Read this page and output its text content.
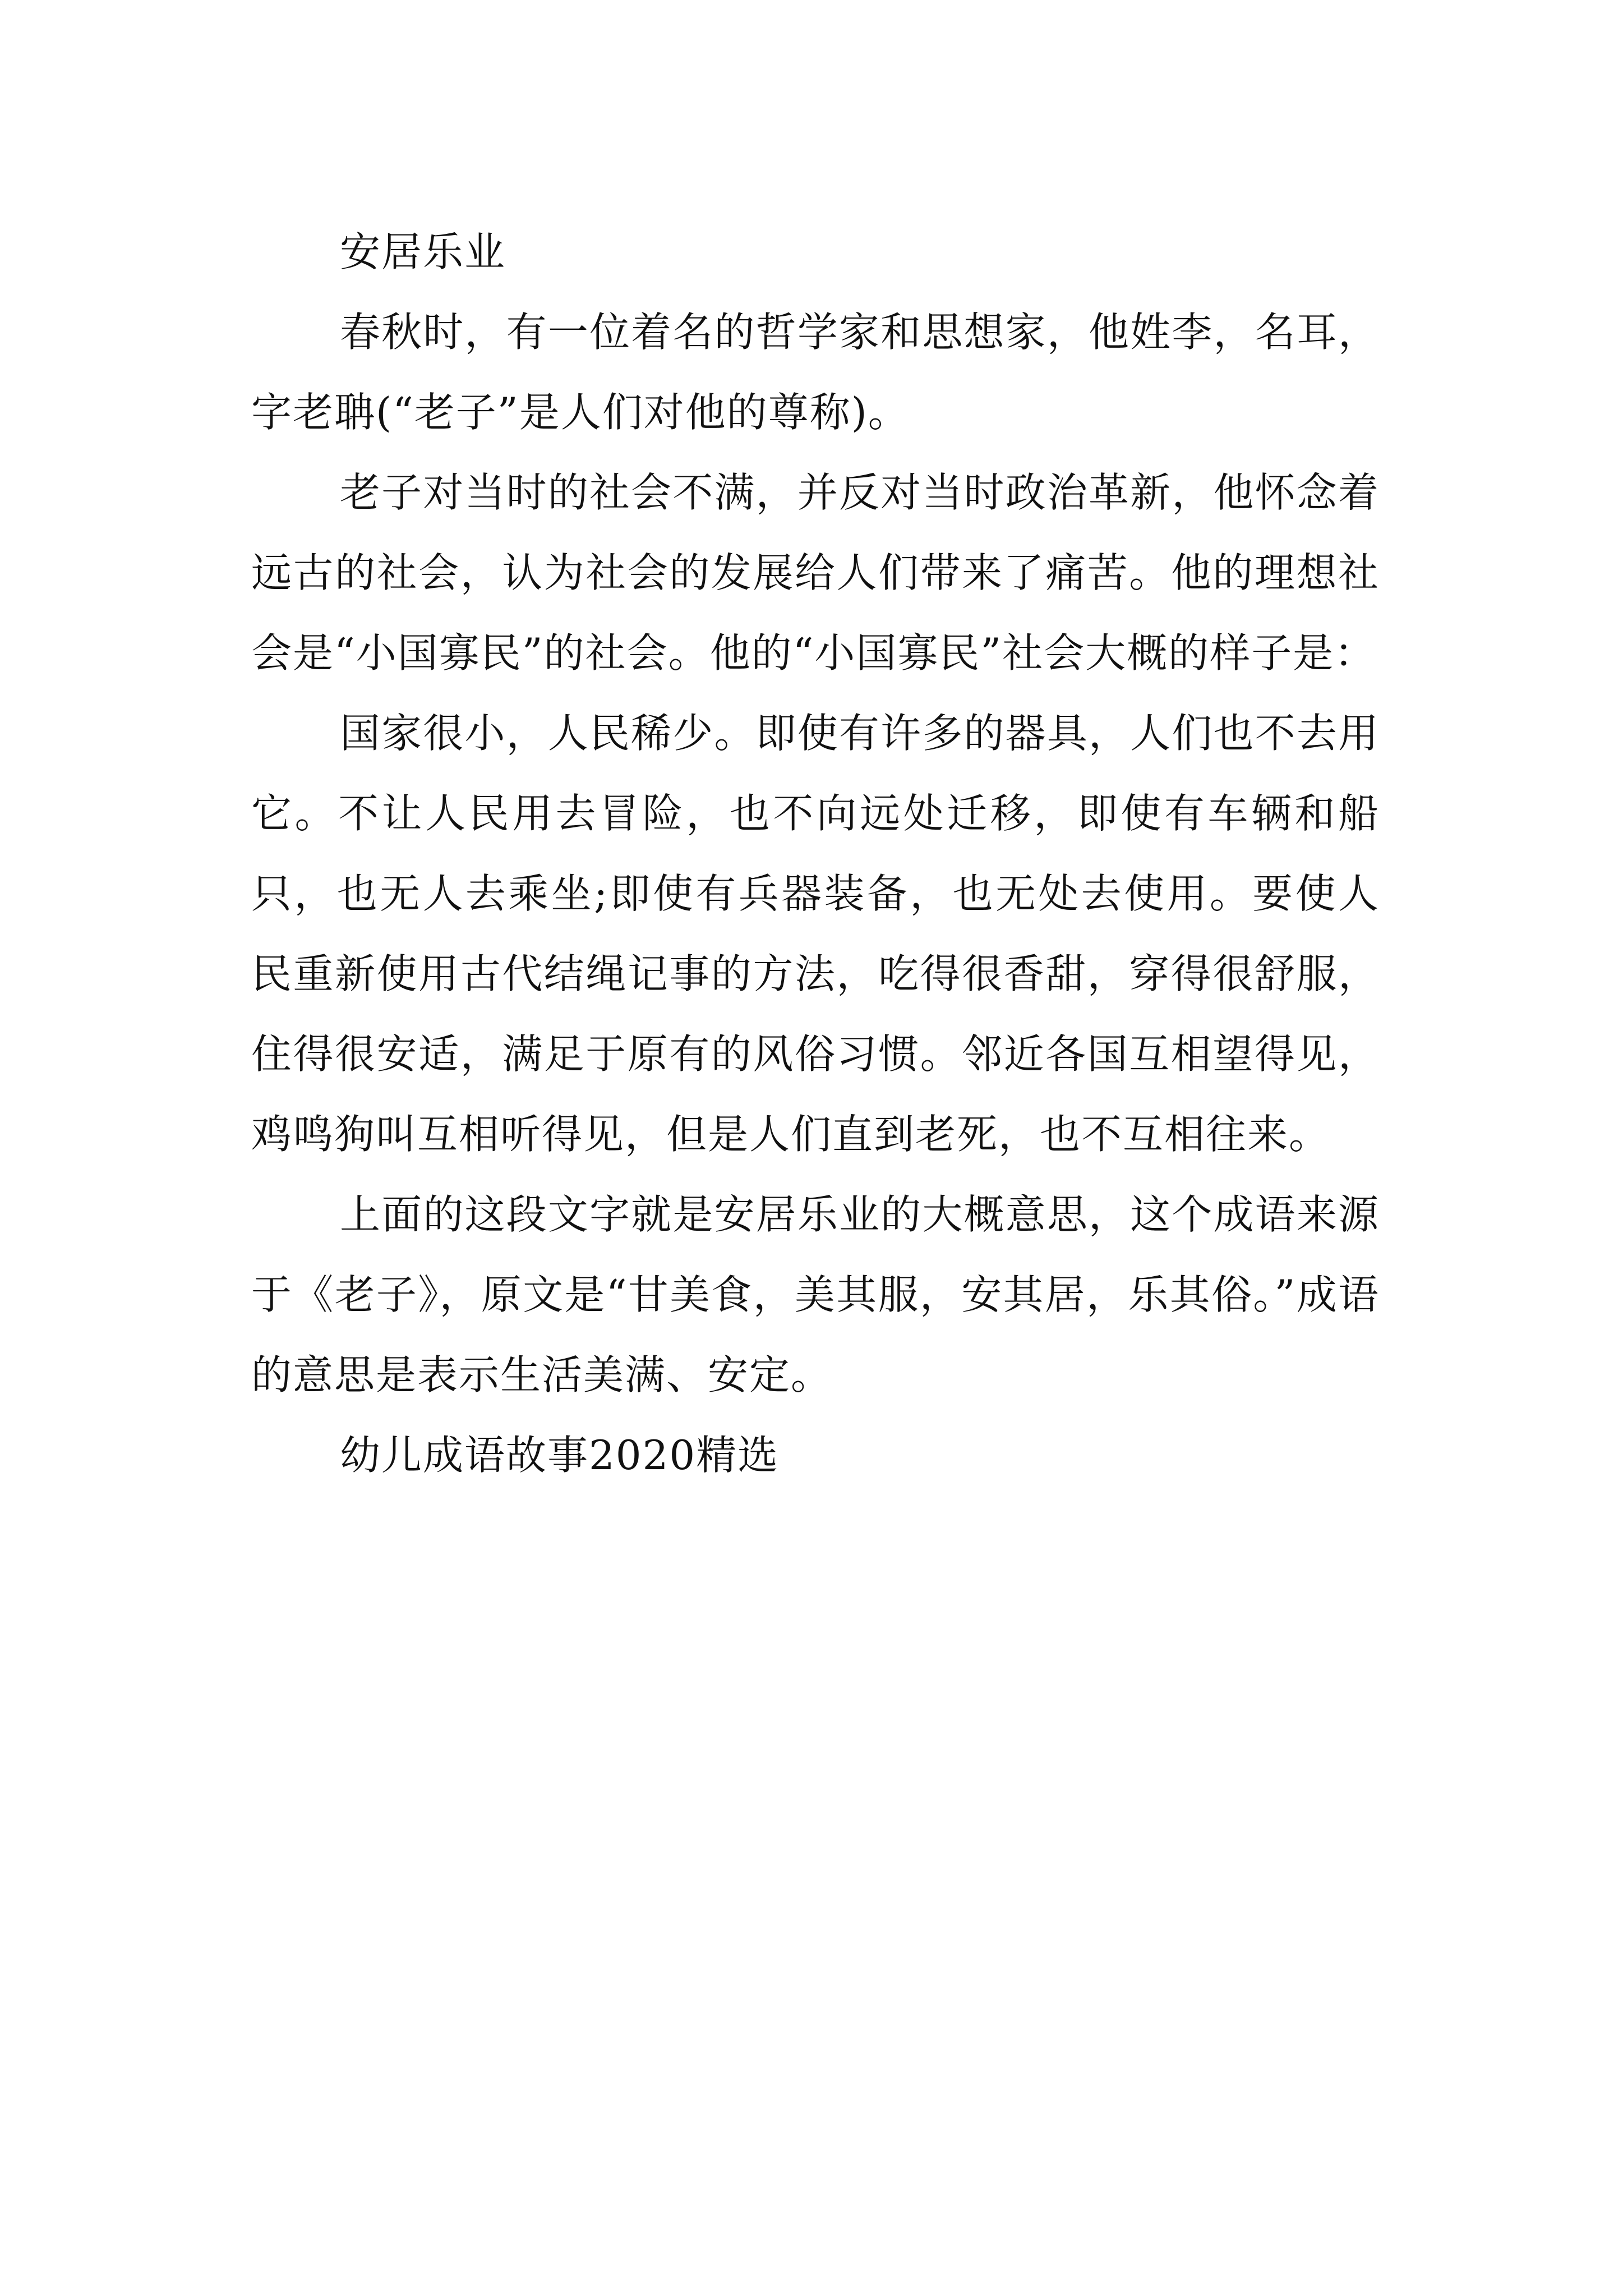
安居乐业

春秋时，有一位着名的哲学家和思想家，他姓李，名耳，字老聃(“老子”是人们对他的尊称)。

老子对当时的社会不满，并反对当时政治革新，他怀念着远古的社会，认为社会的发展给人们带来了痛苦。他的理想社会是“小国寡民”的社会。他的“小国寡民”社会大概的样子是：

国家很小，人民稀少。即使有许多的器具，人们也不去用它。不让人民用去冒险，也不向远处迁移，即使有车辆和船只，也无人去乘坐;即使有兵器装备，也无处去使用。要使人民重新使用古代结绳记事的方法，吃得很香甜，穿得很舒服，住得很安适，满足于原有的风俗习惯。邻近各国互相望得见，鸡鸣狗叫互相听得见，但是人们直到老死，也不互相往来。

上面的这段文字就是安居乐业的大概意思，这个成语来源于《老子》，原文是“甘美食，美其服，安其居，乐其俗。”成语的意思是表示生活美满、安定。

幼儿成语故事2020精选
